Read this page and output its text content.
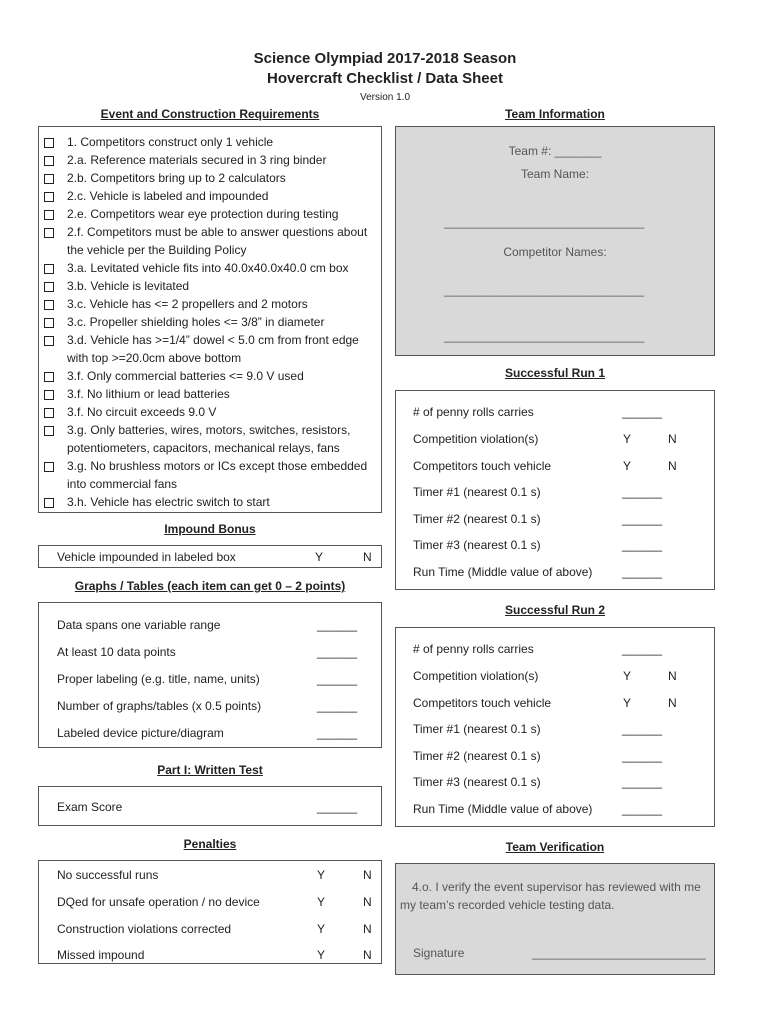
Science Olympiad 2017-2018 Season
Hovercraft Checklist / Data Sheet
Version 1.0
Event and Construction Requirements
1. Competitors construct only 1 vehicle
2.a. Reference materials secured in 3 ring binder
2.b. Competitors bring up to 2 calculators
2.c. Vehicle is labeled and impounded
2.e. Competitors wear eye protection during testing
2.f. Competitors must be able to answer questions about the vehicle per the Building Policy
3.a. Levitated vehicle fits into 40.0x40.0x40.0 cm box
3.b. Vehicle is levitated
3.c. Vehicle has <= 2 propellers and 2 motors
3.c. Propeller shielding holes <= 3/8” in diameter
3.d. Vehicle has >=1/4” dowel < 5.0 cm from front edge with top >=20.0cm above bottom
3.f. Only commercial batteries <= 9.0 V used
3.f. No lithium or lead batteries
3.f. No circuit exceeds 9.0 V
3.g. Only batteries, wires, motors, switches, resistors, potentiometers, capacitors, mechanical relays, fans
3.g. No brushless motors or ICs except those embedded into commercial fans
3.h. Vehicle has electric switch to start
Impound Bonus
Vehicle impounded in labeled box	Y	N
Graphs / Tables (each item can get 0 – 2 points)
Data spans one variable range	______
At least 10 data points	______
Proper labeling (e.g. title, name, units)	______
Number of graphs/tables (x 0.5 points)	______
Labeled device picture/diagram	______
Part I: Written Test
Exam Score	______
Penalties
No successful runs	Y	N
DQed for unsafe operation / no device	Y	N
Construction violations corrected	Y	N
Missed impound	Y	N
Team Information
Team #: _______
Team Name:
______________________________
Competitor Names:
______________________________
______________________________
Successful Run 1
# of penny rolls carries	______
Competition violation(s)	Y	N
Competitors touch vehicle	Y	N
Timer #1 (nearest 0.1 s)	______
Timer #2 (nearest 0.1 s)	______
Timer #3 (nearest 0.1 s)	______
Run Time (Middle value of above) ______
Successful Run 2
# of penny rolls carries	______
Competition violation(s)	Y	N
Competitors touch vehicle	Y	N
Timer #1 (nearest 0.1 s)	______
Timer #2 (nearest 0.1 s)	______
Timer #3 (nearest 0.1 s)	______
Run Time (Middle value of above) ______
Team Verification
4.o. I verify the event supervisor has reviewed with me my team’s recorded vehicle testing data.
Signature	__________________________
